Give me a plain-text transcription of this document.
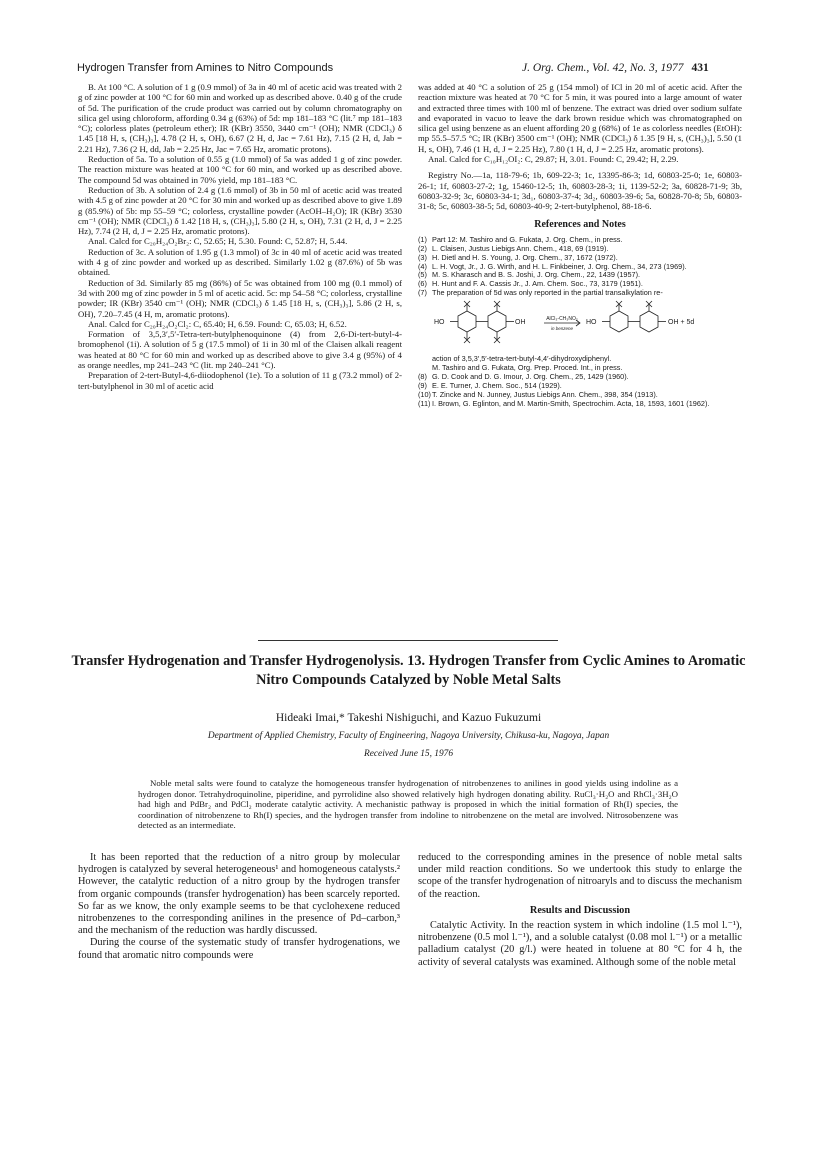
Hydrogen Transfer from Amines to Nitro Compounds	J. Org. Chem., Vol. 42, No. 3, 1977 431

B. At 100 °C. A solution of 1 g (0.9 mmol) of 3a in 40 ml of acetic acid was treated with 2 g of zinc powder at 100 °C for 60 min and worked up as described above. 0.40 g of the crude of 5d. The purification of the crude product was carried out by column chromatography on silica gel using chloroform, affording 0.34 g (63%) of 5d: mp 181–183 °C (lit.⁷ mp 181–183 °C); colorless plates (petroleum ether); IR (KBr) 3550, 3440 cm⁻¹ (OH); NMR (CDCl₃) δ 1.45 [18 H, s, (CH₃)₃], 4.78 (2 H, s, OH), 6.67 (2 H, d, Jac = 7.61 Hz), 7.15 (2 H, d, Jab = 2.21 Hz), 7.36 (2 H, dd, Jab = 2.25 Hz, Jac = 7.65 Hz, aromatic protons).

Reduction of 5a. To a solution of 0.55 g (1.0 mmol) of 5a was added 1 g of zinc powder. The reaction mixture was heated at 100 °C for 60 min, and worked up as described above. The compound 5d was obtained in 70% yield, mp 181–183 °C.

Reduction of 3b. A solution of 2.4 g (1.6 mmol) of 3b in 50 ml of acetic acid was treated with 4.5 g of zinc powder at 20 °C for 30 min and worked up as described above to give 1.89 g (85.9%) of 5b: mp 55–59 °C; colorless, crystalline powder (AcOH–H₂O); IR (KBr) 3530 cm⁻¹ (OH); NMR (CDCl₃) δ 1.42 [18 H, s, (CH₃)₃], 5.80 (2 H, s, OH), 7.31 (2 H, d, J = 2.25 Hz), 7.74 (2 H, d, J = 2.25 Hz, aromatic protons).

Anal. Calcd for C₂₀H₂₄O₂Br₂: C, 52.65; H, 5.30. Found: C, 52.87; H, 5.44.

Reduction of 3c. A solution of 1.95 g (1.3 mmol) of 3c in 40 ml of acetic acid was treated with 4 g of zinc powder and worked up as described. Similarly 1.02 g (87.6%) of 5b was obtained.

Reduction of 3d. Similarly 85 mg (86%) of 5c was obtained from 100 mg (0.1 mmol) of 3d with 200 mg of zinc powder in 5 ml of acetic acid. 5c: mp 54–58 °C; colorless, crystalline powder; IR (KBr) 3540 cm⁻¹ (OH); NMR (CDCl₃) δ 1.45 [18 H, s, (CH₃)₃], 5.86 (2 H, s, OH), 7.20–7.45 (4 H, m, aromatic protons).

Anal. Calcd for C₂₀H₂₄O₂Cl₂: C, 65.40; H, 6.59. Found: C, 65.03; H, 6.52.

Formation of 3,5,3′,5′-Tetra-tert-butylphenoquinone (4) from 2,6-Di-tert-butyl-4-bromophenol (1i). A solution of 5 g (17.5 mmol) of 1i in 30 ml of the Claisen alkali reagent was heated at 80 °C for 60 min and worked up as described above to give 3.4 g (95%) of 4 as orange needles, mp 241–243 °C (lit. mp 240–241 °C).

Preparation of 2-tert-Butyl-4,6-diiodophenol (1e). To a solution of 11 g (73.2 mmol) of 2-tert-butylphenol in 30 ml of acetic acid

was added at 40 °C a solution of 25 g (154 mmol) of ICl in 20 ml of acetic acid. After the reaction mixture was heated at 70 °C for 5 min, it was poured into a large amount of water and extracted three times with 100 ml of benzene. The extract was dried over sodium sulfate and evaporated in vacuo to leave the dark brown residue which was chromatographed on silica gel using benzene as an eluent affording 20 g (68%) of 1e as colorless needles (EtOH): mp 55.5–57.5 °C; IR (KBr) 3500 cm⁻¹ (OH); NMR (CDCl₃) δ 1.35 [9 H, s, (CH₃)₃], 5.50 (1 H, s, OH), 7.46 (1 H, d, J = 2.25 Hz), 7.80 (1 H, d, J = 2.25 Hz, aromatic protons).

Anal. Calcd for C₁₀H₁₂OI₂: C, 29.87; H, 3.01. Found: C, 29.42; H, 2.29.

Registry No.—1a, 118-79-6; 1b, 609-22-3; 1c, 13395-86-3; 1d, 60803-25-0; 1e, 60803-26-1; 1f, 60803-27-2; 1g, 15460-12-5; 1h, 60803-28-3; 1i, 1139-52-2; 3a, 60828-71-9; 3b, 60803-32-9; 3c, 60803-34-1; 3d₁, 60803-37-4; 3d₂, 60803-39-6; 5a, 60828-70-8; 5b, 60803-31-8; 5c, 60803-38-5; 5d, 60803-40-9; 2-tert-butylphenol, 88-18-6.

References and Notes
(1) Part 12: M. Tashiro and G. Fukata, J. Org. Chem., in press.
(2) L. Claisen, Justus Liebigs Ann. Chem., 418, 69 (1919).
(3) H. Dietl and H. S. Young, J. Org. Chem., 37, 1672 (1972).
(4) L. H. Vogt, Jr., J. G. Wirth, and H. L. Finkbeiner, J. Org. Chem., 34, 273 (1969).
(5) M. S. Kharasch and B. S. Joshi, J. Org. Chem., 22, 1439 (1957).
(6) H. Hunt and F. A. Cassis Jr., J. Am. Chem. Soc., 73, 3179 (1951).
(7) The preparation of 5d was only reported in the partial transalkylation re-
HO	OH	AlCl₃-CH₃NO₂
in benzene
HO	OH + 5d
action of 3,5,3′,5′-tetra-tert-butyl-4,4′-dihydroxydiphenyl.
M. Tashiro and G. Fukata, Org. Prep. Proced. Int., in press.
(8) G. D. Cook and D. G. Imour, J. Org. Chem., 25, 1429 (1960).
(9) E. E. Turner, J. Chem. Soc., 514 (1929).
(10) T. Zincke and N. Junney, Justus Liebigs Ann. Chem., 398, 354 (1913).
(11) I. Brown, G. Eglinton, and M. Martin-Smith, Spectrochim. Acta, 18, 1593, 1601 (1962).
Transfer Hydrogenation and Transfer Hydrogenolysis. 13. Hydrogen Transfer from Cyclic Amines to Aromatic Nitro Compounds Catalyzed by Noble Metal Salts
Hideaki Imai,* Takeshi Nishiguchi, and Kazuo Fukuzumi
Department of Applied Chemistry, Faculty of Engineering, Nagoya University, Chikusa-ku, Nagoya, Japan
Received June 15, 1976
Noble metal salts were found to catalyze the homogeneous transfer hydrogenation of nitrobenzenes to anilines in good yields using indoline as a hydrogen donor. Tetrahydroquinoline, piperidine, and pyrrolidine also showed relatively high hydrogen donating ability. RuCl₃·H₂O and RhCl₃·3H₂O had high and PdBr₂ and PdCl₂ moderate catalytic activity. A mechanistic pathway is proposed in which the initial formation of Rh(I) species, the coordination of nitrobenzene to Rh(I) species, and the hydrogen transfer from indoline to nitrobenzene on the metal are involved. Nitrosobenzene was detected as an intermediate.

It has been reported that the reduction of a nitro group by molecular hydrogen is catalyzed by several heterogeneous¹ and homogeneous catalysts.² However, the catalytic reduction of a nitro group by the hydrogen transfer from organic compounds (transfer hydrogenation) has been scarcely reported. So far as we know, the only example seems to be that cyclohexene reduced nitrobenzenes to the corresponding anilines in the presence of Pd–carbon,³ and the mechanism of the reduction was hardly discussed.

During the course of the systematic study of transfer hydrogenations, we found that aromatic nitro compounds were

reduced to the corresponding amines in the presence of noble metal salts under mild reaction conditions. So we undertook this study to enlarge the scope of the transfer hydrogenation of nitroaryls and to discuss the mechanism of the reaction.

Results and Discussion

Catalytic Activity. In the reaction system in which indoline (1.5 mol l.⁻¹), nitrobenzene (0.5 mol l.⁻¹), and a soluble catalyst (0.08 mol l.⁻¹) or a metallic palladium catalyst (20 g/l.) were heated in toluene at 80 °C for 4 h, the activity of several catalysts was examined. Although some of the noble metal
